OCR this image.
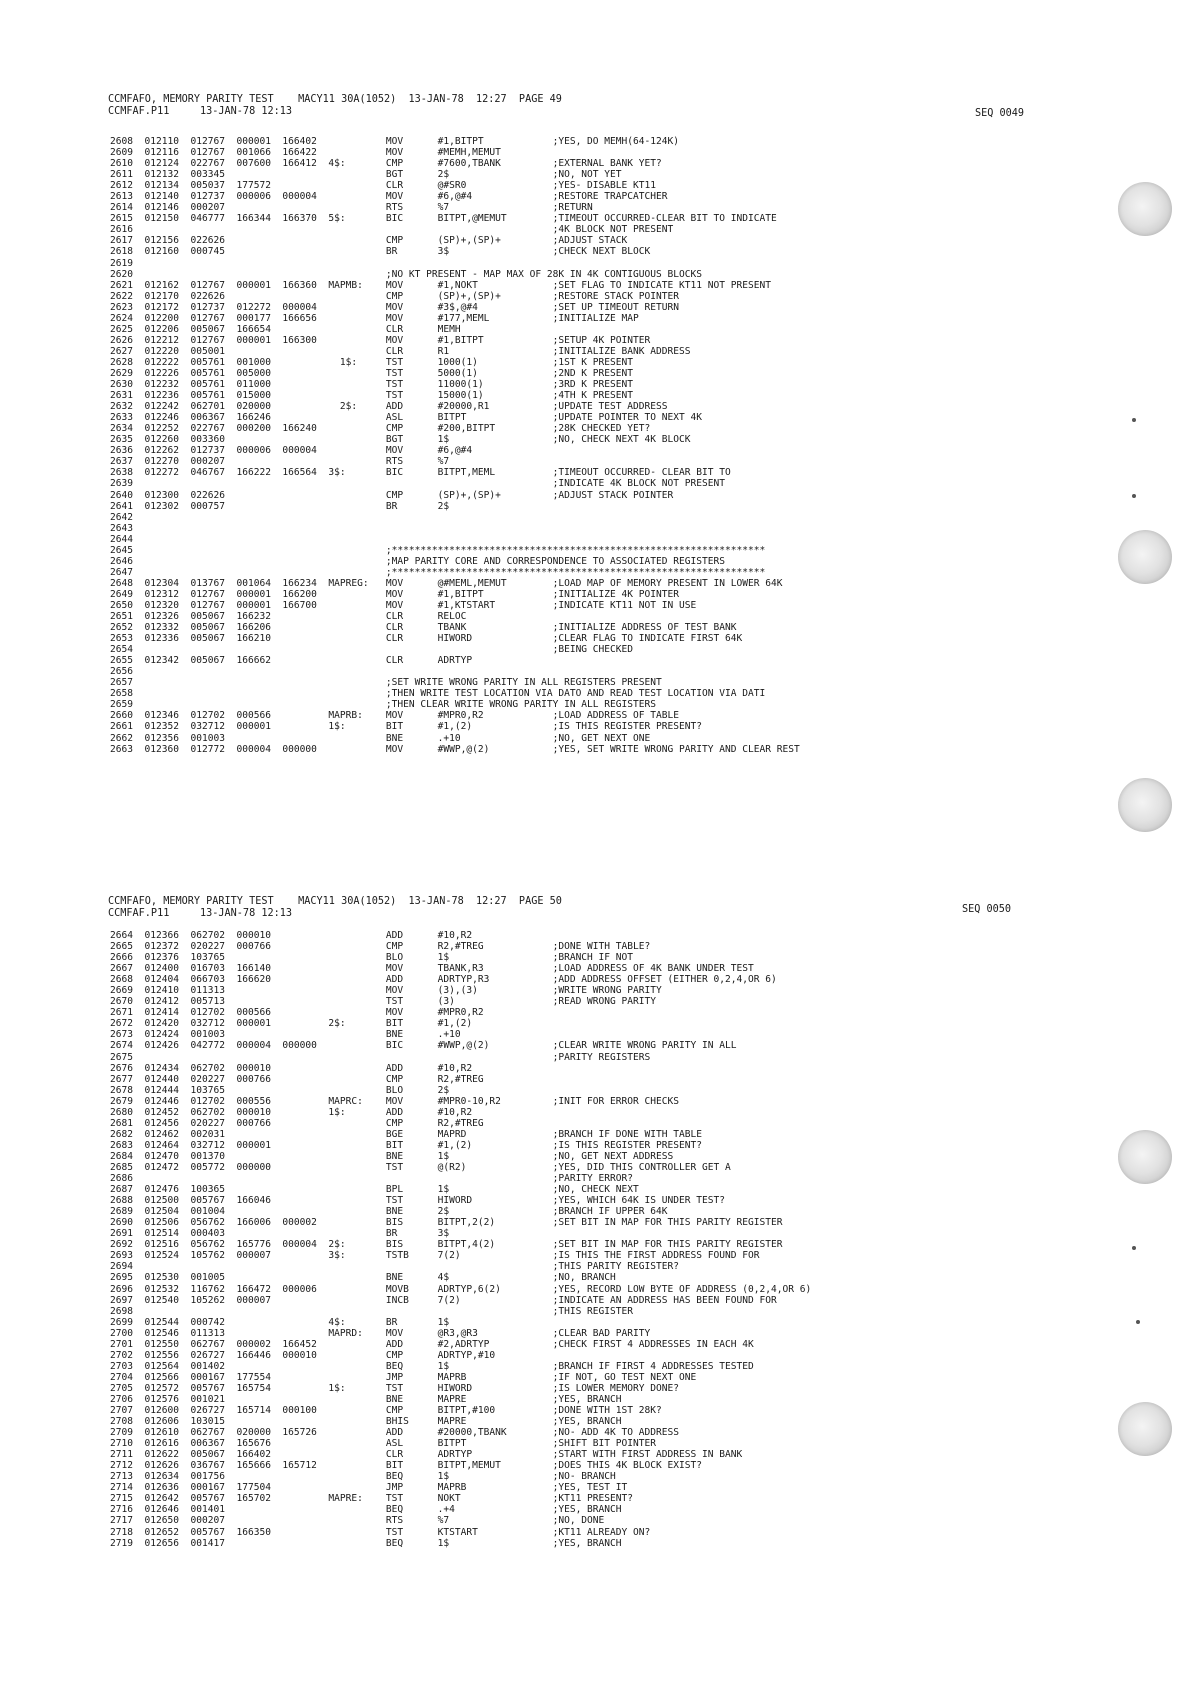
CCMFAFO, MEMORY PARITY TEST    MACY11 30A(1052)  13-JAN-78  12:27  PAGE 49
CCMFAF.P11     13-JAN-78 12:13	SEQ 0049
2608  012110  012767  000001  166402            MOV      #1,BITPT            ;YES, DO MEMH(64-124K)
2609  012116  012767  001066  166422            MOV      #MEMH,MEMUT
2610  012124  022767  007600  166412  4$:       CMP      #7600,TBANK         ;EXTERNAL BANK YET?
2611  012132  003345                            BGT      2$                  ;NO, NOT YET
2612  012134  005037  177572                    CLR      @#SR0               ;YES- DISABLE KT11
2613  012140  012737  000006  000004            MOV      #6,@#4              ;RESTORE TRAPCATCHER
2614  012146  000207                            RTS      %7                  ;RETURN
2615  012150  046777  166344  166370  5$:       BIC      BITPT,@MEMUT        ;TIMEOUT OCCURRED-CLEAR BIT TO INDICATE
2616                                                                         ;4K BLOCK NOT PRESENT
2617  012156  022626                            CMP      (SP)+,(SP)+         ;ADJUST STACK
2618  012160  000745                            BR       3$                  ;CHECK NEXT BLOCK
2619
2620                                            ;NO KT PRESENT - MAP MAX OF 28K IN 4K CONTIGUOUS BLOCKS
2621  012162  012767  000001  166360  MAPMB:    MOV      #1,NOKT             ;SET FLAG TO INDICATE KT11 NOT PRESENT
2622  012170  022626                            CMP      (SP)+,(SP)+         ;RESTORE STACK POINTER
2623  012172  012737  012272  000004            MOV      #3$,@#4             ;SET UP TIMEOUT RETURN
2624  012200  012767  000177  166656            MOV      #177,MEML           ;INITIALIZE MAP
2625  012206  005067  166654                    CLR      MEMH
2626  012212  012767  000001  166300            MOV      #1,BITPT            ;SETUP 4K POINTER
2627  012220  005001                            CLR      R1                  ;INITIALIZE BANK ADDRESS
2628  012222  005761  001000            1$:     TST      1000(1)             ;1ST K PRESENT
2629  012226  005761  005000                    TST      5000(1)             ;2ND K PRESENT
2630  012232  005761  011000                    TST      11000(1)            ;3RD K PRESENT
2631  012236  005761  015000                    TST      15000(1)            ;4TH K PRESENT
2632  012242  062701  020000            2$:     ADD      #20000,R1           ;UPDATE TEST ADDRESS
2633  012246  006367  166246                    ASL      BITPT               ;UPDATE POINTER TO NEXT 4K
2634  012252  022767  000200  166240            CMP      #200,BITPT          ;28K CHECKED YET?
2635  012260  003360                            BGT      1$                  ;NO, CHECK NEXT 4K BLOCK
2636  012262  012737  000006  000004            MOV      #6,@#4
2637  012270  000207                            RTS      %7
2638  012272  046767  166222  166564  3$:       BIC      BITPT,MEML          ;TIMEOUT OCCURRED- CLEAR BIT TO
2639                                                                         ;INDICATE 4K BLOCK NOT PRESENT
2640  012300  022626                            CMP      (SP)+,(SP)+         ;ADJUST STACK POINTER
2641  012302  000757                            BR       2$
2642
2643
2644
2645                                            ;*****************************************************************
2646                                            ;MAP PARITY CORE AND CORRESPONDENCE TO ASSOCIATED REGISTERS
2647                                            ;*****************************************************************
2648  012304  013767  001064  166234  MAPREG:   MOV      @#MEML,MEMUT        ;LOAD MAP OF MEMORY PRESENT IN LOWER 64K
2649  012312  012767  000001  166200            MOV      #1,BITPT            ;INITIALIZE 4K POINTER
2650  012320  012767  000001  166700            MOV      #1,KTSTART          ;INDICATE KT11 NOT IN USE
2651  012326  005067  166232                    CLR      RELOC
2652  012332  005067  166206                    CLR      TBANK               ;INITIALIZE ADDRESS OF TEST BANK
2653  012336  005067  166210                    CLR      HIWORD              ;CLEAR FLAG TO INDICATE FIRST 64K
2654                                                                         ;BEING CHECKED
2655  012342  005067  166662                    CLR      ADRTYP
2656
2657                                            ;SET WRITE WRONG PARITY IN ALL REGISTERS PRESENT
2658                                            ;THEN WRITE TEST LOCATION VIA DATO AND READ TEST LOCATION VIA DATI
2659                                            ;THEN CLEAR WRITE WRONG PARITY IN ALL REGISTERS
2660  012346  012702  000566          MAPRB:    MOV      #MPR0,R2            ;LOAD ADDRESS OF TABLE
2661  012352  032712  000001          1$:       BIT      #1,(2)              ;IS THIS REGISTER PRESENT?
2662  012356  001003                            BNE      .+10                ;NO, GET NEXT ONE
2663  012360  012772  000004  000000            MOV      #WWP,@(2)           ;YES, SET WRITE WRONG PARITY AND CLEAR REST
CCMFAFO, MEMORY PARITY TEST    MACY11 30A(1052)  13-JAN-78  12:27  PAGE 50
CCMFAF.P11     13-JAN-78 12:13	SEQ 0050
2664  012366  062702  000010                    ADD      #10,R2
2665  012372  020227  000766                    CMP      R2,#TREG            ;DONE WITH TABLE?
2666  012376  103765                            BLO      1$                  ;BRANCH IF NOT
2667  012400  016703  166140                    MOV      TBANK,R3            ;LOAD ADDRESS OF 4K BANK UNDER TEST
2668  012404  066703  166620                    ADD      ADRTYP,R3           ;ADD ADDRESS OFFSET (EITHER 0,2,4,OR 6)
2669  012410  011313                            MOV      (3),(3)             ;WRITE WRONG PARITY
2670  012412  005713                            TST      (3)                 ;READ WRONG PARITY
2671  012414  012702  000566                    MOV      #MPR0,R2
2672  012420  032712  000001          2$:       BIT      #1,(2)
2673  012424  001003                            BNE      .+10
2674  012426  042772  000004  000000            BIC      #WWP,@(2)           ;CLEAR WRITE WRONG PARITY IN ALL
2675                                                                         ;PARITY REGISTERS
2676  012434  062702  000010                    ADD      #10,R2
2677  012440  020227  000766                    CMP      R2,#TREG
2678  012444  103765                            BLO      2$
2679  012446  012702  000556          MAPRC:    MOV      #MPR0-10,R2         ;INIT FOR ERROR CHECKS
2680  012452  062702  000010          1$:       ADD      #10,R2
2681  012456  020227  000766                    CMP      R2,#TREG
2682  012462  002031                            BGE      MAPRD               ;BRANCH IF DONE WITH TABLE
2683  012464  032712  000001                    BIT      #1,(2)              ;IS THIS REGISTER PRESENT?
2684  012470  001370                            BNE      1$                  ;NO, GET NEXT ADDRESS
2685  012472  005772  000000                    TST      @(R2)               ;YES, DID THIS CONTROLLER GET A
2686                                                                         ;PARITY ERROR?
2687  012476  100365                            BPL      1$                  ;NO, CHECK NEXT
2688  012500  005767  166046                    TST      HIWORD              ;YES, WHICH 64K IS UNDER TEST?
2689  012504  001004                            BNE      2$                  ;BRANCH IF UPPER 64K
2690  012506  056762  166006  000002            BIS      BITPT,2(2)          ;SET BIT IN MAP FOR THIS PARITY REGISTER
2691  012514  000403                            BR       3$
2692  012516  056762  165776  000004  2$:       BIS      BITPT,4(2)          ;SET BIT IN MAP FOR THIS PARITY REGISTER
2693  012524  105762  000007          3$:       TSTB     7(2)                ;IS THIS THE FIRST ADDRESS FOUND FOR
2694                                                                         ;THIS PARITY REGISTER?
2695  012530  001005                            BNE      4$                  ;NO, BRANCH
2696  012532  116762  166472  000006            MOVB     ADRTYP,6(2)         ;YES, RECORD LOW BYTE OF ADDRESS (0,2,4,OR 6)
2697  012540  105262  000007                    INCB     7(2)                ;INDICATE AN ADDRESS HAS BEEN FOUND FOR
2698                                                                         ;THIS REGISTER
2699  012544  000742                  4$:       BR       1$
2700  012546  011313                  MAPRD:    MOV      @R3,@R3             ;CLEAR BAD PARITY
2701  012550  062767  000002  166452            ADD      #2,ADRTYP           ;CHECK FIRST 4 ADDRESSES IN EACH 4K
2702  012556  026727  166446  000010            CMP      ADRTYP,#10
2703  012564  001402                            BEQ      1$                  ;BRANCH IF FIRST 4 ADDRESSES TESTED
2704  012566  000167  177554                    JMP      MAPRB               ;IF NOT, GO TEST NEXT ONE
2705  012572  005767  165754          1$:       TST      HIWORD              ;IS LOWER MEMORY DONE?
2706  012576  001021                            BNE      MAPRE               ;YES, BRANCH
2707  012600  026727  165714  000100            CMP      BITPT,#100          ;DONE WITH 1ST 28K?
2708  012606  103015                            BHIS     MAPRE               ;YES, BRANCH
2709  012610  062767  020000  165726            ADD      #20000,TBANK        ;NO- ADD 4K TO ADDRESS
2710  012616  006367  165676                    ASL      BITPT               ;SHIFT BIT POINTER
2711  012622  005067  166402                    CLR      ADRTYP              ;START WITH FIRST ADDRESS IN BANK
2712  012626  036767  165666  165712            BIT      BITPT,MEMUT         ;DOES THIS 4K BLOCK EXIST?
2713  012634  001756                            BEQ      1$                  ;NO- BRANCH
2714  012636  000167  177504                    JMP      MAPRB               ;YES, TEST IT
2715  012642  005767  165702          MAPRE:    TST      NOKT                ;KT11 PRESENT?
2716  012646  001401                            BEQ      .+4                 ;YES, BRANCH
2717  012650  000207                            RTS      %7                  ;NO, DONE
2718  012652  005767  166350                    TST      KTSTART             ;KT11 ALREADY ON?
2719  012656  001417                            BEQ      1$                  ;YES, BRANCH
